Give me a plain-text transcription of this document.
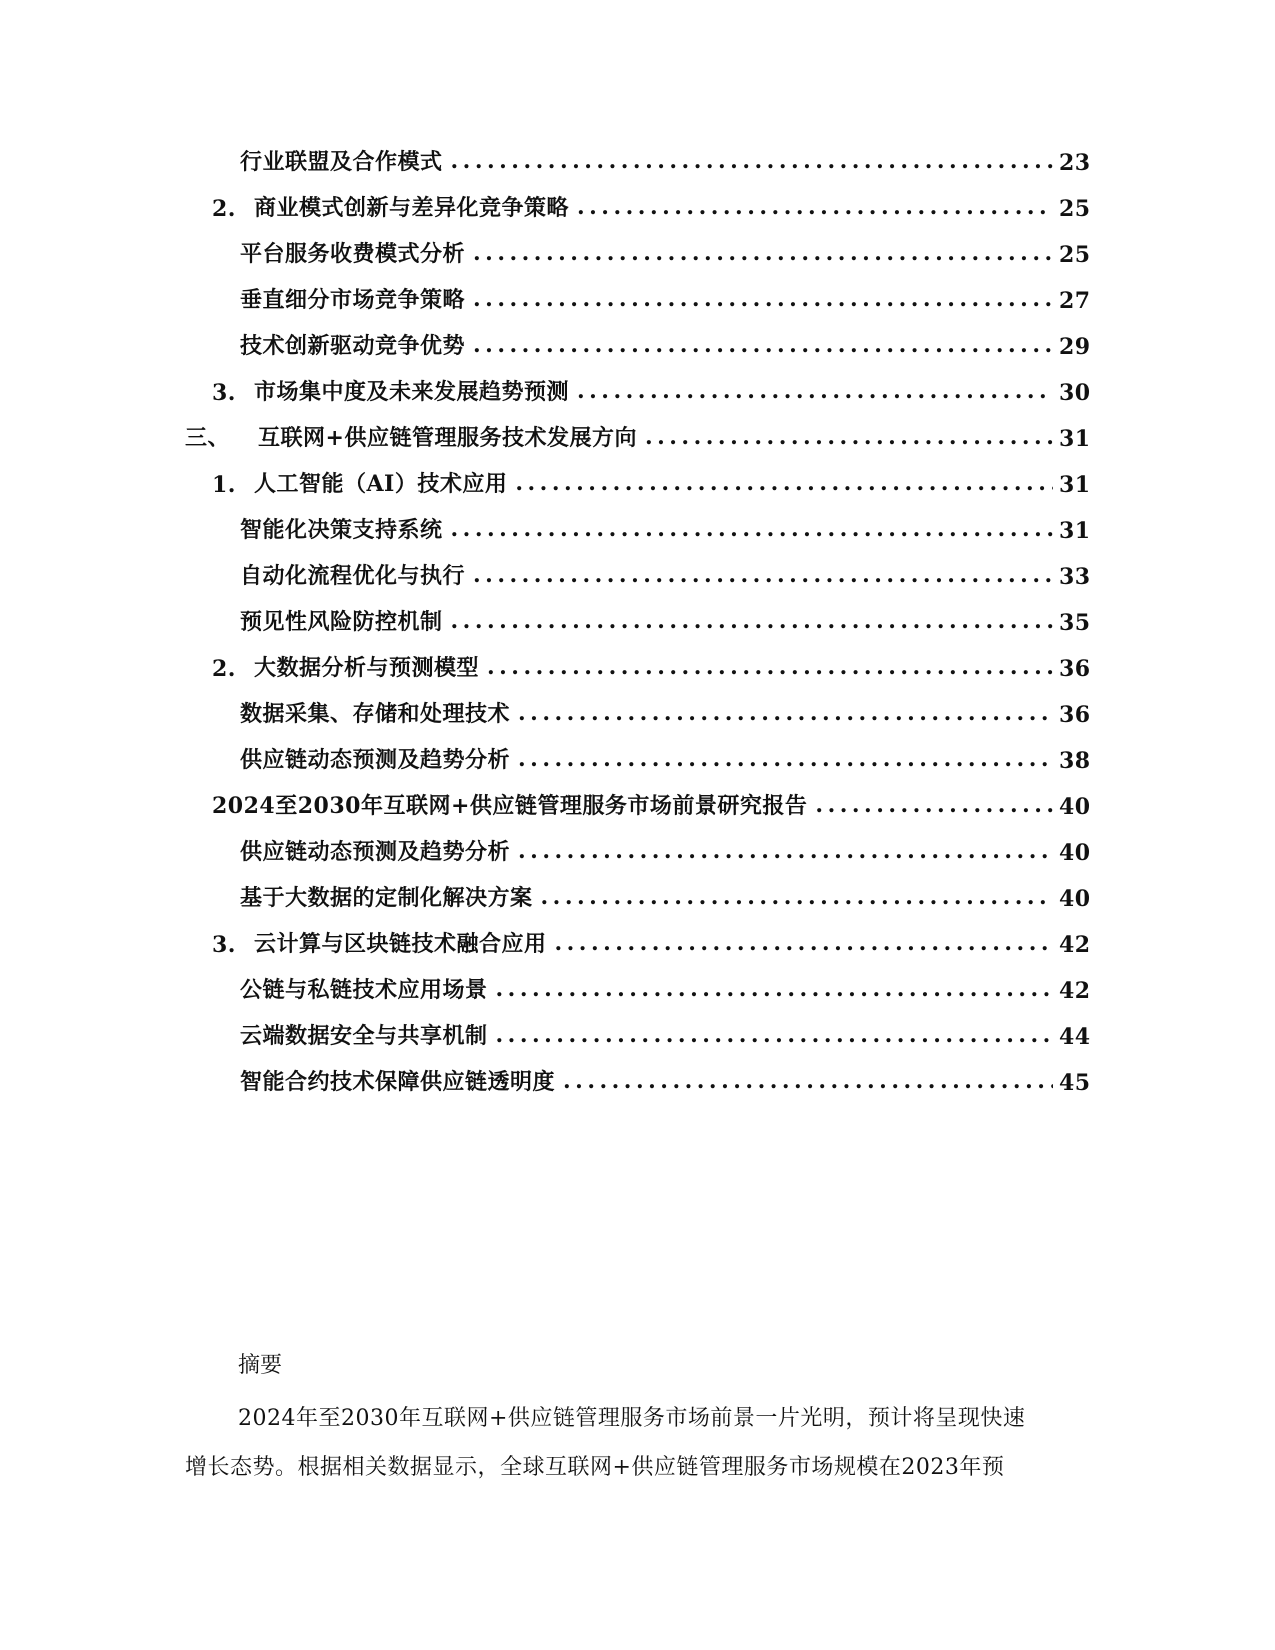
行业联盟及合作模式 .....	23
2. 商业模式创新与差异化竞争策略 .....	25
平台服务收费模式分析 .....	25
垂直细分市场竞争策略 .....	27
技术创新驱动竞争优势 .....	29
3. 市场集中度及未来发展趋势预测 .....	30
三、 互联网+供应链管理服务技术发展方向 .....	31
1. 人工智能（AI）技术应用 .....	31
智能化决策支持系统 .....	31
自动化流程优化与执行 .....	33
预见性风险防控机制 .....	35
2. 大数据分析与预测模型 .....	36
数据采集、存储和处理技术 .....	36
供应链动态预测及趋势分析 .....	38
2024至2030年互联网+供应链管理服务市场前景研究报告 .....	40
供应链动态预测及趋势分析 .....	40
基于大数据的定制化解决方案 .....	40
3. 云计算与区块链技术融合应用 .....	42
公链与私链技术应用场景 .....	42
云端数据安全与共享机制 .....	44
智能合约技术保障供应链透明度 .....	45
摘要
2024年至2030年互联网+供应链管理服务市场前景一片光明，预计将呈现快速
增长态势。根据相关数据显示，全球互联网+供应链管理服务市场规模在2023年预
